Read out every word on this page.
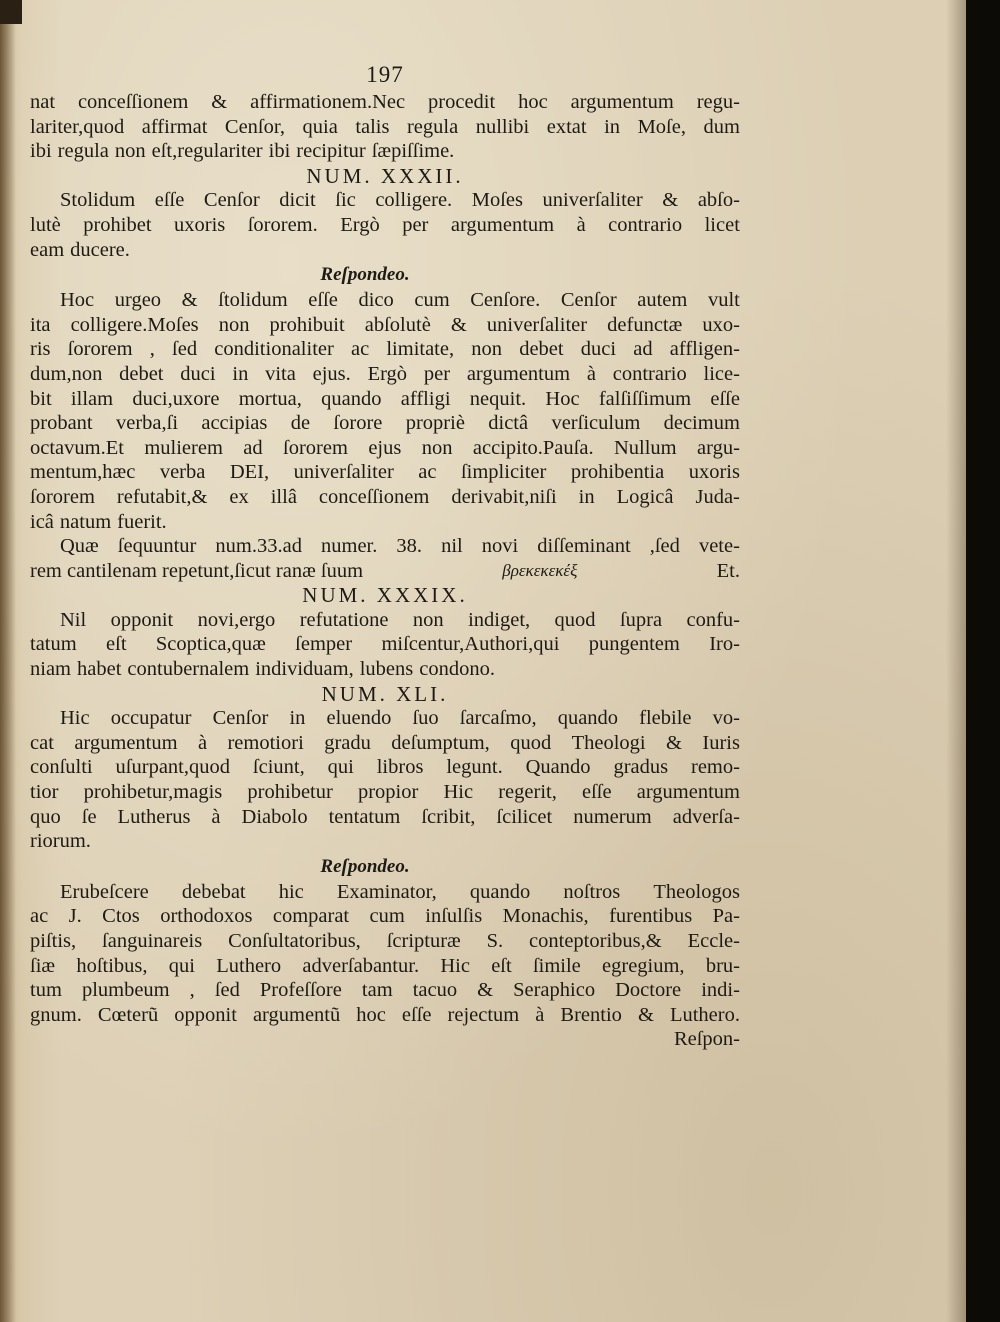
197
nat conceſſionem & affirmationem.Nec procedit hoc argumentum regu-
lariter,quod affirmat Cenſor, quia talis regula nullibi extat in Moſe, dum
ibi regula non eſt,regulariter ibi recipitur ſæpiſſime.
NUM. XXXII.
Stolidum eſſe Cenſor dicit ſic colligere. Moſes univerſaliter & abſo-
lutè prohibet uxoris ſororem. Ergò per argumentum à contrario licet
eam ducere.
Reſpondeo.
Hoc urgeo & ſtolidum eſſe dico cum Cenſore. Cenſor autem vult
ita colligere.Moſes non prohibuit abſolutè & univerſaliter defunctæ uxo-
ris ſororem , ſed conditionaliter ac limitate, non debet duci ad affligen-
dum,non debet duci in vita ejus. Ergò per argumentum à contrario lice-
bit illam duci,uxore mortua, quando affligi nequit. Hoc falſiſſimum eſſe
probant verba,ſi accipias de ſorore propriè dictâ verſiculum decimum
octavum.Et mulierem ad ſororem ejus non accipito.Pauſa. Nullum argu-
mentum,hæc verba DEI, univerſaliter ac ſimpliciter prohibentia uxoris
ſororem refutabit,& ex illâ conceſſionem derivabit,niſi in Logicâ Juda-
icâ natum fuerit.
Quæ ſequuntur num.33.ad numer. 38. nil novi diſſeminant ,ſed vete-
rem cantilenam repetunt,ſicut ranæ ſuum	βρεκεκεκέξ	Et.
NUM. XXXIX.
Nil opponit novi,ergo refutatione non indiget, quod ſupra confu-
tatum eſt Scoptica,quæ ſemper miſcentur,Authori,qui pungentem Iro-
niam habet contubernalem individuam, lubens condono.
NUM. XLI.
Hic occupatur Cenſor in eluendo ſuo ſarcaſmo, quando flebile vo-
cat argumentum à remotiori gradu deſumptum, quod Theologi & Iuris
conſulti uſurpant,quod ſciunt, qui libros legunt. Quando gradus remo-
tior prohibetur,magis prohibetur propior Hic regerit, eſſe argumentum
quo ſe Lutherus à Diabolo tentatum ſcribit, ſcilicet numerum adverſa-
riorum.
Reſpondeo.
Erubeſcere debebat hic Examinator, quando noſtros Theologos
ac J. Ctos orthodoxos comparat cum inſulſis Monachis, furentibus Pa-
piſtis, ſanguinareis Conſultatoribus, ſcripturæ S. conteptoribus,& Eccle-
ſiæ hoſtibus, qui Luthero adverſabantur. Hic eſt ſimile egregium, bru-
tum plumbeum , ſed Profeſſore tam tacuo & Seraphico Doctore indi-
gnum. Cœterũ opponit argumentũ hoc eſſe rejectum à Brentio & Luthero.
Reſpon-
